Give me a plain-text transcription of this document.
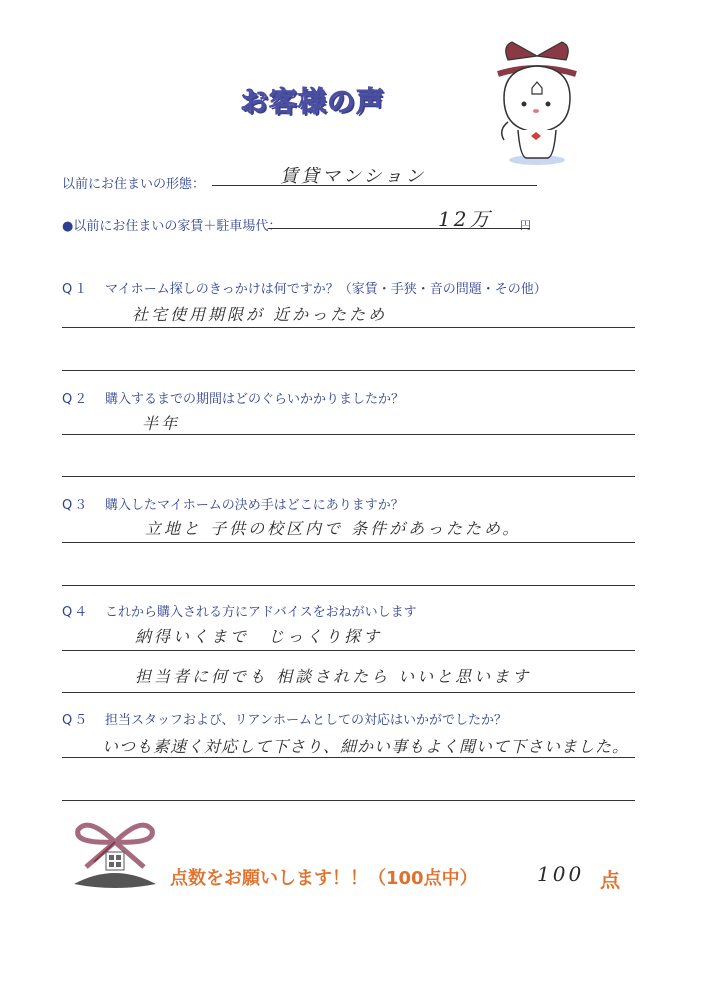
お客様の声
以前にお住まいの形態：	賃貸マンション
●以前にお住まいの家賃＋駐車場代：	12万	円
Q１ マイホーム探しのきっかけは何ですか？（家賃・手狭・音の問題・その他）
社宅使用期限が 近かったため
Q２ 購入するまでの期間はどのぐらいかかりましたか？
半年
Q３ 購入したマイホームの決め手はどこにありますか？
立地と 子供の校区内で 条件があったため。
Q４ これから購入される方にアドバイスをおねがいします
納得いくまで　じっくり探す
担当者に何でも 相談されたら いいと思います
Q５ 担当スタッフおよび、リアンホームとしての対応はいかがでしたか？
いつも素速く対応して下さり、細かい事もよく聞いて下さいました。
点数をお願いします！！（100点中）	100 点
